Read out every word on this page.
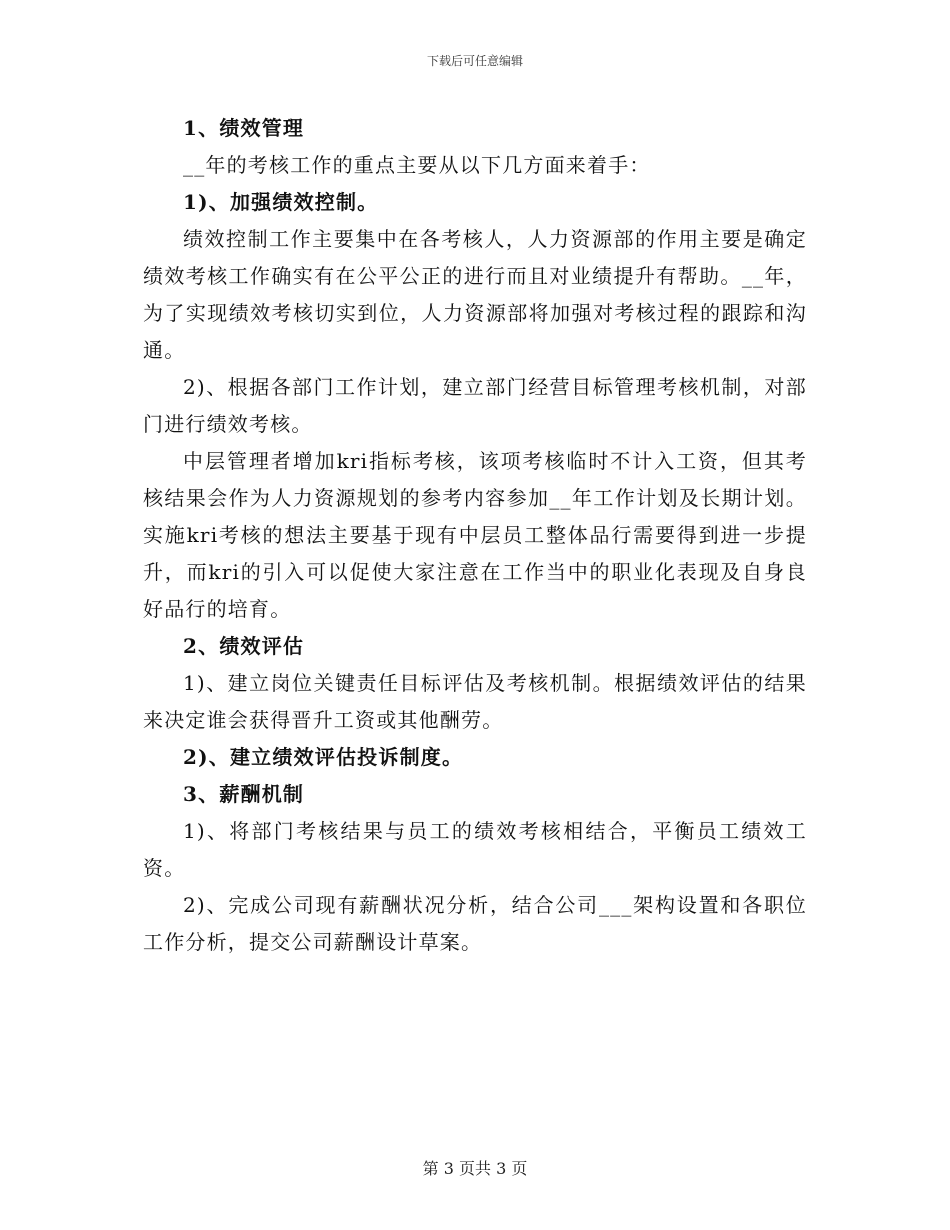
下载后可任意编辑

1、绩效管理

__年的考核工作的重点主要从以下几方面来着手：

1)、加强绩效控制。

绩效控制工作主要集中在各考核人，人力资源部的作用主要是确定绩效考核工作确实有在公平公正的进行而且对业绩提升有帮助。__年，为了实现绩效考核切实到位，人力资源部将加强对考核过程的跟踪和沟通。

2)、根据各部门工作计划，建立部门经营目标管理考核机制，对部门进行绩效考核。

中层管理者增加kri指标考核，该项考核临时不计入工资，但其考核结果会作为人力资源规划的参考内容参加__年工作计划及长期计划。实施kri考核的想法主要基于现有中层员工整体品行需要得到进一步提升，而kri的引入可以促使大家注意在工作当中的职业化表现及自身良好品行的培育。

2、绩效评估

1)、建立岗位关键责任目标评估及考核机制。根据绩效评估的结果来决定谁会获得晋升工资或其他酬劳。

2)、建立绩效评估投诉制度。

3、薪酬机制

1)、将部门考核结果与员工的绩效考核相结合，平衡员工绩效工资。

2)、完成公司现有薪酬状况分析，结合公司___架构设置和各职位工作分析，提交公司薪酬设计草案。

第 3 页共 3 页
